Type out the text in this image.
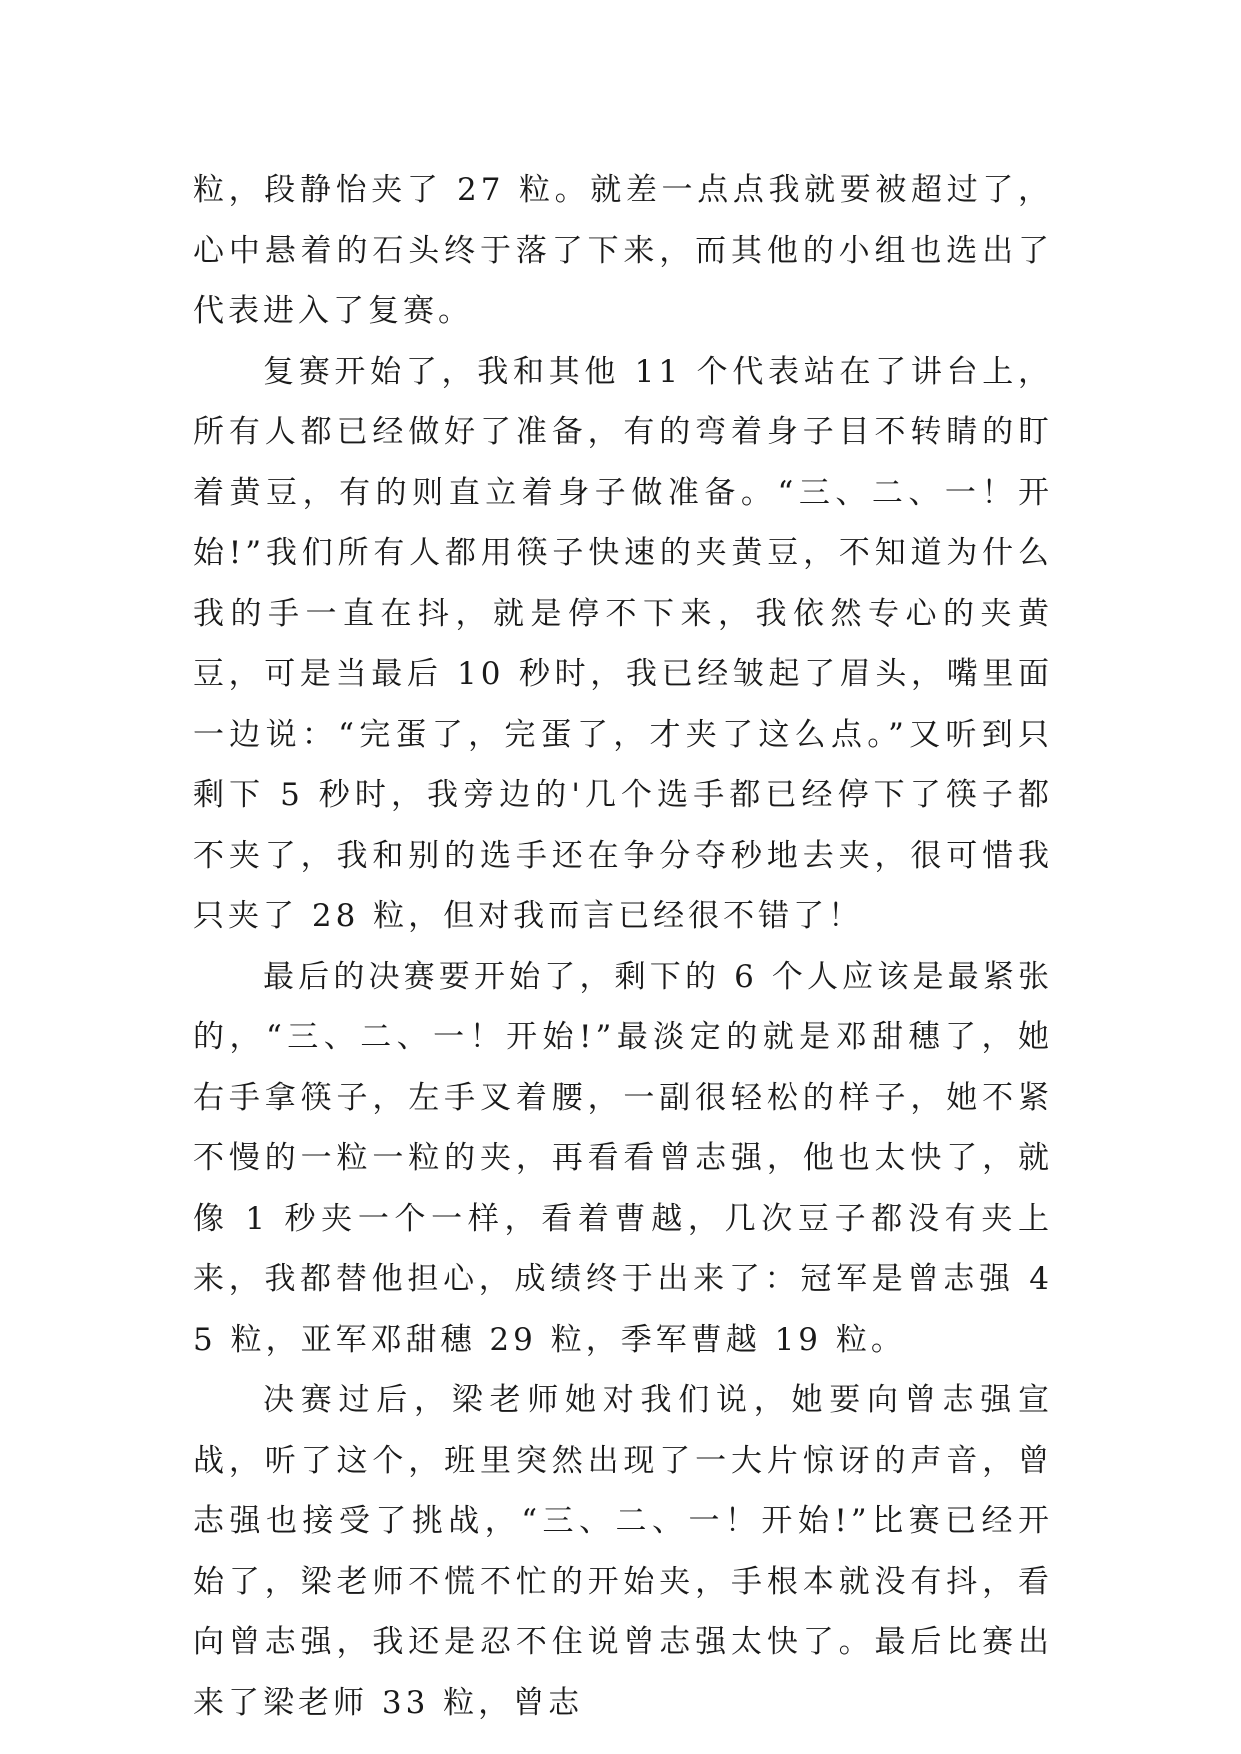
粒，段静怡夹了 27 粒。就差一点点我就要被超过了，心中悬着的石头终于落了下来，而其他的小组也选出了代表进入了复赛。

复赛开始了，我和其他 11 个代表站在了讲台上，所有人都已经做好了准备，有的弯着身子目不转睛的盯着黄豆，有的则直立着身子做准备。“三、二、一！开始!”我们所有人都用筷子快速的夹黄豆，不知道为什么我的手一直在抖，就是停不下来，我依然专心的夹黄豆，可是当最后 10 秒时，我已经皱起了眉头，嘴里面一边说：“完蛋了，完蛋了，才夹了这么点。”又听到只剩下 5 秒时，我旁边的'几个选手都已经停下了筷子都不夹了，我和别的选手还在争分夺秒地去夹，很可惜我只夹了 28 粒，但对我而言已经很不错了！

最后的决赛要开始了，剩下的 6 个人应该是最紧张的，“三、二、一！开始!”最淡定的就是邓甜穗了，她右手拿筷子，左手叉着腰，一副很轻松的样子，她不紧不慢的一粒一粒的夹，再看看曾志强，他也太快了，就像 1 秒夹一个一样，看着曹越，几次豆子都没有夹上来，我都替他担心，成绩终于出来了：冠军是曾志强 45 粒，亚军邓甜穗 29 粒，季军曹越 19 粒。

决赛过后，梁老师她对我们说，她要向曾志强宣战，听了这个，班里突然出现了一大片惊讶的声音，曾志强也接受了挑战，“三、二、一！开始!”比赛已经开始了，梁老师不慌不忙的开始夹，手根本就没有抖，看向曾志强，我还是忍不住说曾志强太快了。最后比赛出来了梁老师 33 粒，曾志
